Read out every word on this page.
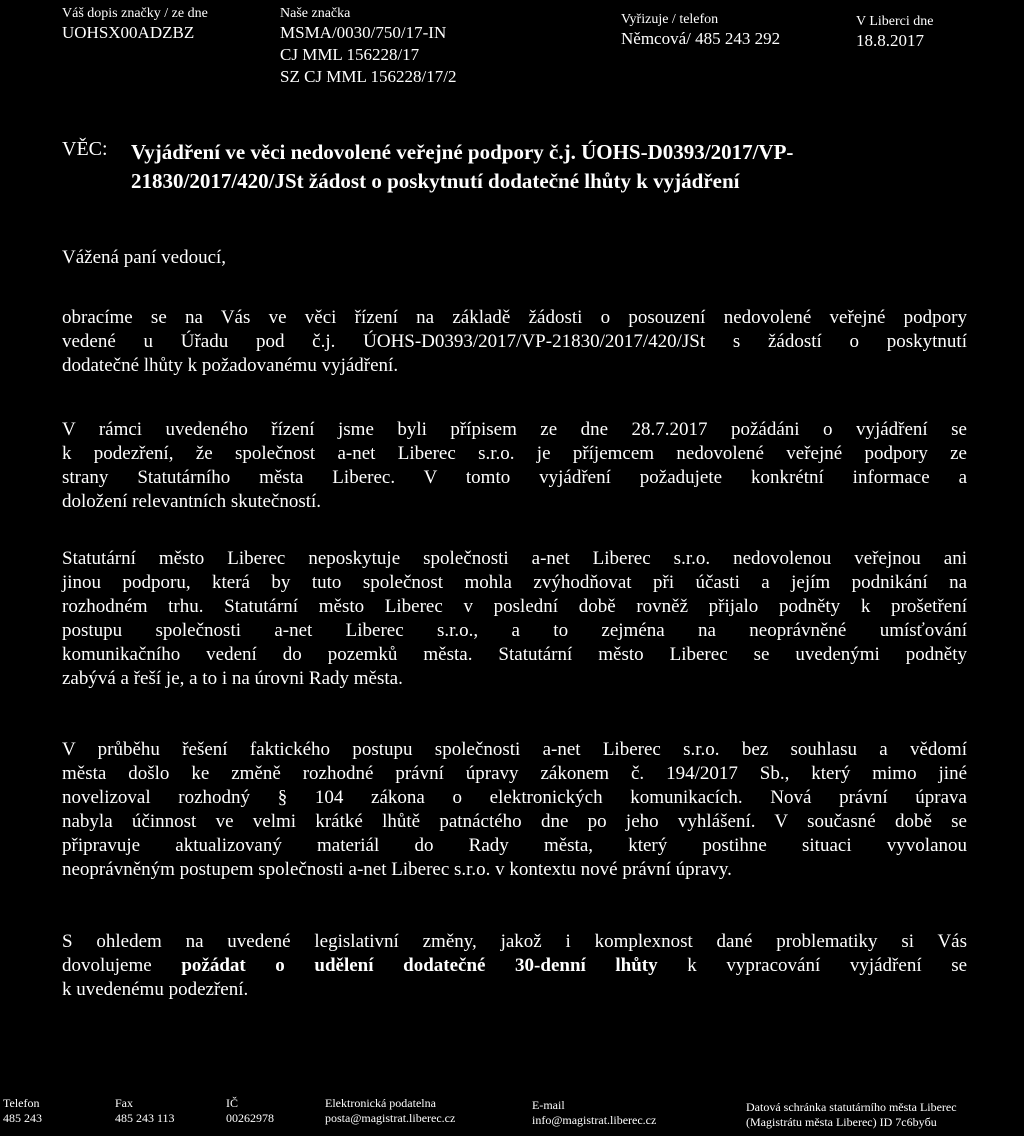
Váš dopis značky / ze dne
UOHSX00ADZBZ
Naše značka
MSMA/0030/750/17-IN
CJ MML 156228/17
SZ CJ MML 156228/17/2
Vyřizuje / telefon
Němcová/ 485 243 292
V Liberci dne
18.8.2017
VĚC: Vyjádření ve věci nedovolené veřejné podpory č.j. ÚOHS-D0393/2017/VP-
21830/2017/420/JSt žádost o poskytnutí dodatečné lhůty k vyjádření
Vážená paní vedoucí,
obracíme se na Vás ve věci řízení na základě žádosti o posouzení nedovolené veřejné podpory
vedené u Úřadu pod č.j. ÚOHS-D0393/2017/VP-21830/2017/420/JSt s žádostí o poskytnutí
dodatečné lhůty k požadovanému vyjádření.
V rámci uvedeného řízení jsme byli přípisem ze dne 28.7.2017 požádáni o vyjádření se
k podezření, že společnost a-net Liberec s.r.o. je příjemcem nedovolené veřejné podpory ze
strany Statutárního města Liberec. V tomto vyjádření požadujete konkrétní informace a
doložení relevantních skutečností.
Statutární město Liberec neposkytuje společnosti a-net Liberec s.r.o. nedovolenou veřejnou ani
jinou podporu, která by tuto společnost mohla zvýhodňovat při účasti a jejím podnikání na
rozhodném trhu. Statutární město Liberec v poslední době rovněž přijalo podněty k prošetření
postupu společnosti a-net Liberec s.r.o., a to zejména na neoprávněné umísťování
komunikačního vedení do pozemků města. Statutární město Liberec se uvedenými podněty
zabývá a řeší je, a to i na úrovni Rady města.
V průběhu řešení faktického postupu společnosti a-net Liberec s.r.o. bez souhlasu a vědomí
města došlo ke změně rozhodné právní úpravy zákonem č. 194/2017 Sb., který mimo jiné
novelizoval rozhodný § 104 zákona o elektronických komunikacích. Nová právní úprava
nabyla účinnost ve velmi krátké lhůtě patnáctého dne po jeho vyhlášení. V současné době se
připravuje aktualizovaný materiál do Rady města, který postihne situaci vyvolanou
neoprávněným postupem společnosti a-net Liberec s.r.o. v kontextu nové právní úpravy.
S ohledem na uvedené legislativní změny, jakož i komplexnost dané problematiky si Vás
dovolujeme požádat o udělení dodatečné 30-denní lhůty k vypracování vyjádření se
k uvedenému podezření.
Telefon
485 243
Fax
485 243 113
IČ
00262978
Elektronická podatelna
posta@magistrat.liberec.cz
E-mail
info@magistrat.liberec.cz
Datová schránka statutárního města Liberec
(Magistrátu města Liberec) ID 7c6byбu
